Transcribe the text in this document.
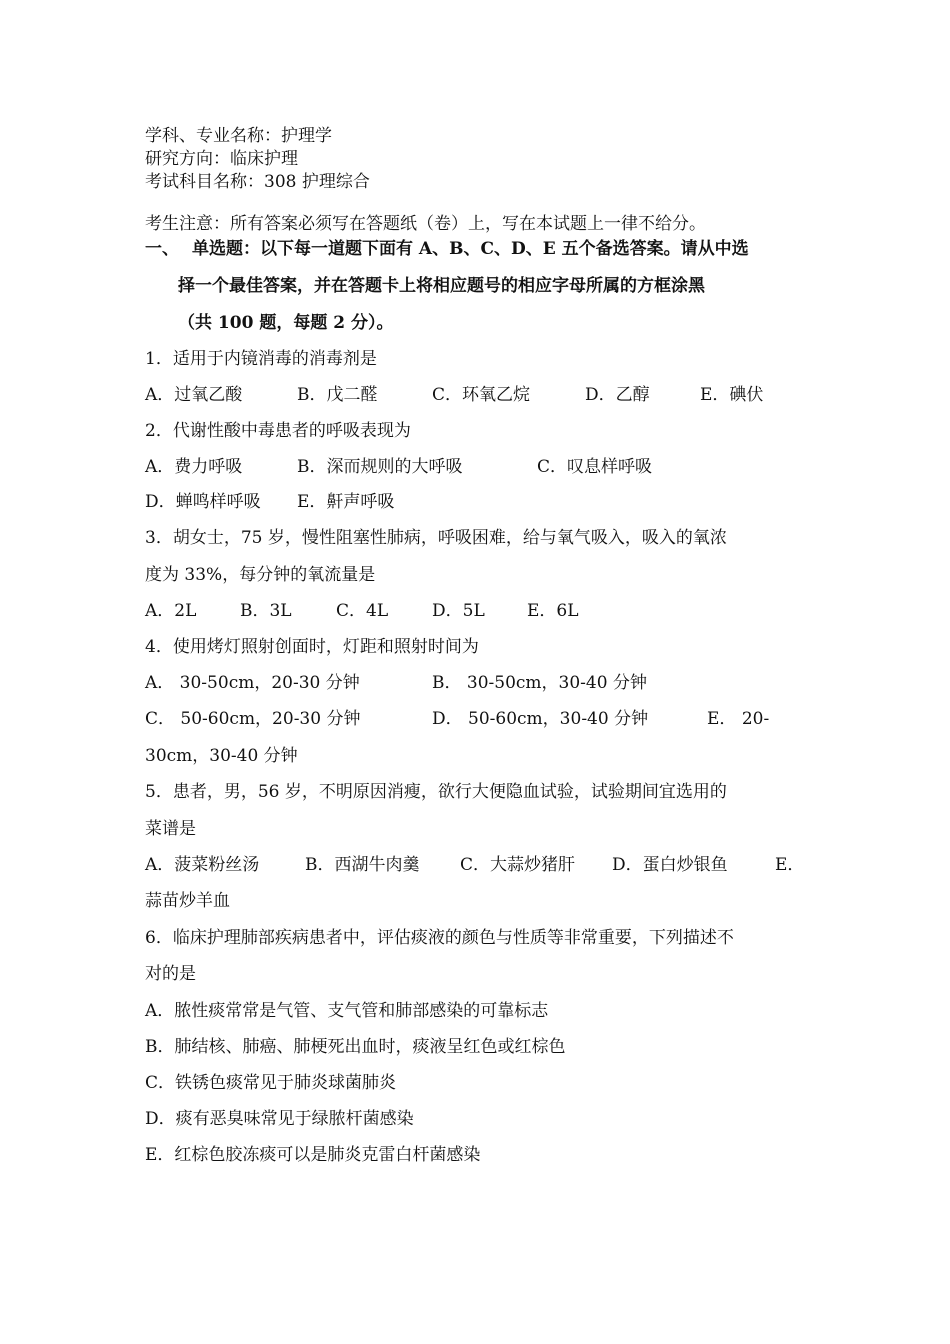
学科、专业名称：护理学
研究方向：临床护理
考试科目名称：308 护理综合
考生注意：所有答案必须写在答题纸（卷）上，写在本试题上一律不给分。
一、 单选题：以下每一道题下面有 A、B、C、D、E 五个备选答案。请从中选
择一个最佳答案，并在答题卡上将相应题号的相应字母所属的方框涂黑
（共 100 题，每题 2 分）。
1．适用于内镜消毒的消毒剂是
A．过氧乙酸	B．戊二醛	C．环氧乙烷	D．乙醇	E．碘伏
2．代谢性酸中毒患者的呼吸表现为
A．费力呼吸	B．深而规则的大呼吸	C．叹息样呼吸
D．蝉鸣样呼吸 E．鼾声呼吸
3．胡女士，75 岁，慢性阻塞性肺病，呼吸困难，给与氧气吸入，吸入的氧浓
度为 33%，每分钟的氧流量是
A．2L	B．3L	C．4L	D．5L E．6L
4．使用烤灯照射创面时，灯距和照射时间为
A． 30-50cm，20-30 分钟	B． 30-50cm，30-40 分钟
C． 50-60cm，20-30 分钟	D． 50-60cm，30-40 分钟	E． 20-
30cm，30-40 分钟
5．患者，男，56 岁，不明原因消瘦，欲行大便隐血试验，试验期间宜选用的
菜谱是
A．菠菜粉丝汤	B．西湖牛肉羹 C．大蒜炒猪肝 D．蛋白炒银鱼	E．
蒜苗炒羊血
6．临床护理肺部疾病患者中，评估痰液的颜色与性质等非常重要，下列描述不
对的是
A．脓性痰常常是气管、支气管和肺部感染的可靠标志
B．肺结核、肺癌、肺梗死出血时，痰液呈红色或红棕色
C．铁锈色痰常见于肺炎球菌肺炎
D．痰有恶臭味常见于绿脓杆菌感染
E．红棕色胶冻痰可以是肺炎克雷白杆菌感染
